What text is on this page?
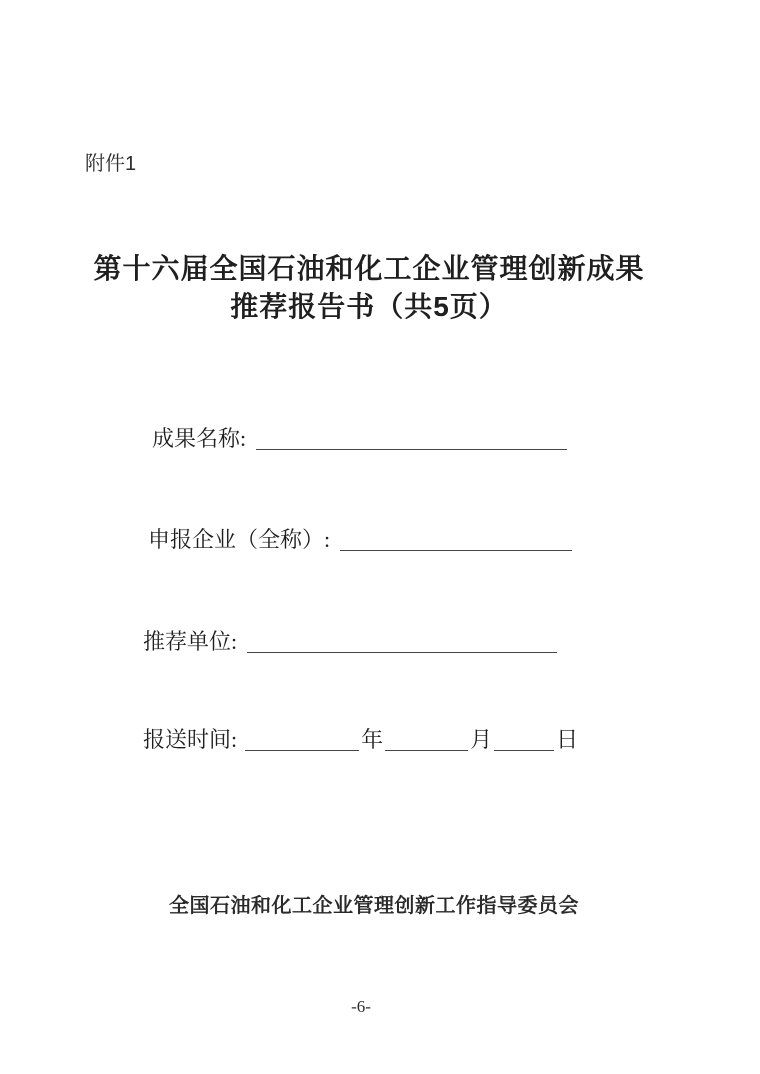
附件1
第十六届全国石油和化工企业管理创新成果
推荐报告书（共5页）
成果名称:
申报企业（全称）:
推荐单位:
报送时间:	年	月	日
全国石油和化工企业管理创新工作指导委员会
-6-
